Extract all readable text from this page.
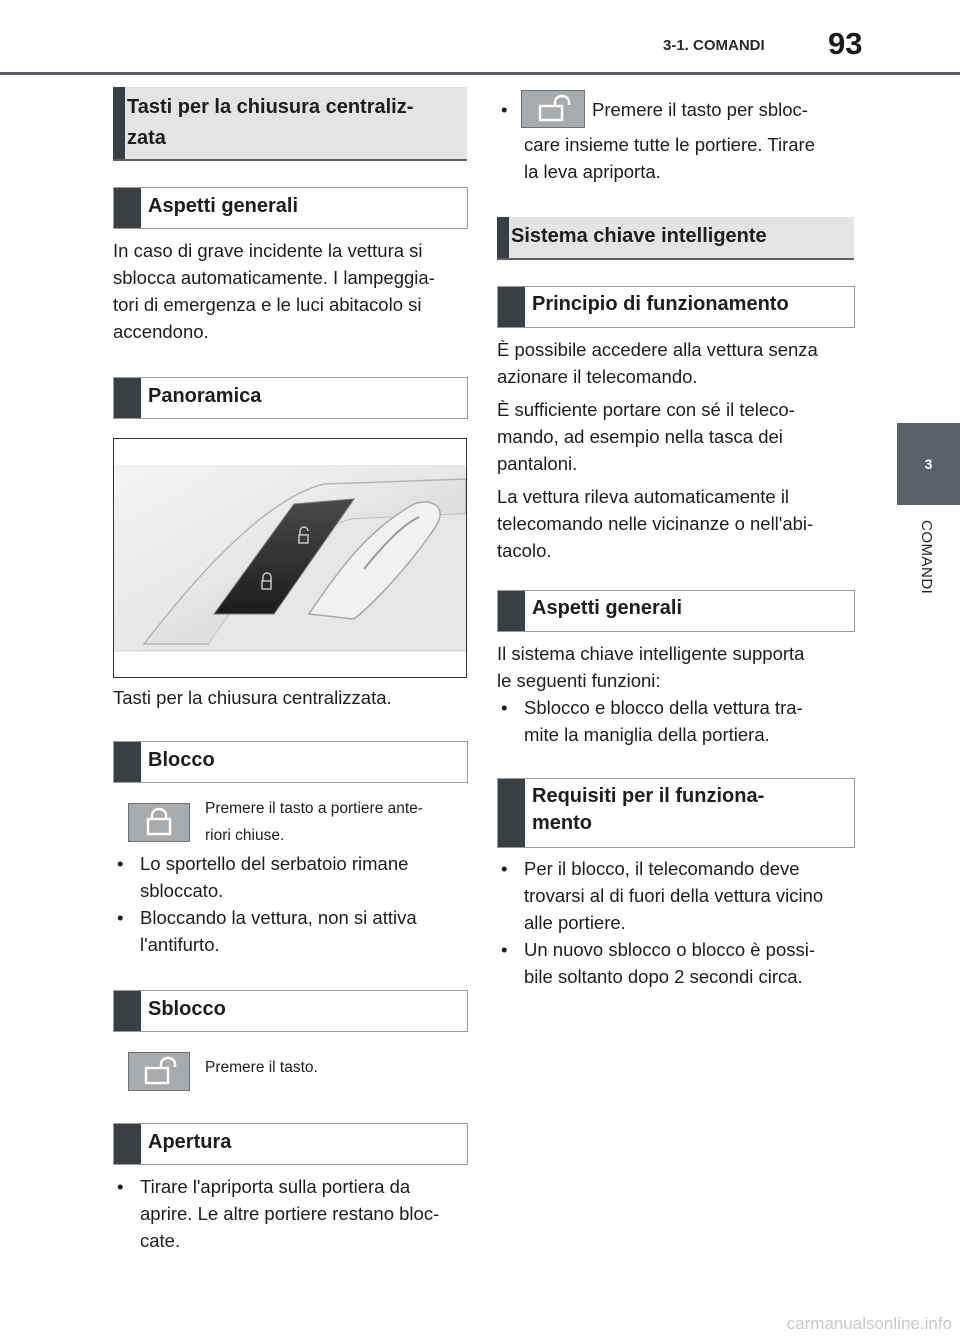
3-1. COMANDI 93
3
COMANDI
Tasti per la chiusura centraliz-
zata
Aspetti generali
In caso di grave incidente la vettura si
sblocca automaticamente. I lampeggia-
tori di emergenza e le luci abitacolo si
accendono.
Panoramica
Tasti per la chiusura centralizzata.
Blocco
Premere il tasto a portiere ante-
riori chiuse.
• Lo sportello del serbatoio rimane
sbloccato.
• Bloccando la vettura, non si attiva
l'antifurto.
Sblocco
Premere il tasto.
Apertura
• Tirare l'apriporta sulla portiera da
aprire. Le altre portiere restano bloc-
cate.
•	Premere il tasto per sbloc-
care insieme tutte le portiere. Tirare
la leva apriporta.
Sistema chiave intelligente
Principio di funzionamento
È possibile accedere alla vettura senza
azionare il telecomando.
È sufficiente portare con sé il teleco-
mando, ad esempio nella tasca dei
pantaloni.
La vettura rileva automaticamente il
telecomando nelle vicinanze o nell'abi-
tacolo.
Aspetti generali
Il sistema chiave intelligente supporta
le seguenti funzioni:
• Sblocco e blocco della vettura tra-
mite la maniglia della portiera.
Requisiti per il funziona-
mento
• Per il blocco, il telecomando deve
trovarsi al di fuori della vettura vicino
alle portiere.
• Un nuovo sblocco o blocco è possi-
bile soltanto dopo 2 secondi circa.
carmanualsonline.info
